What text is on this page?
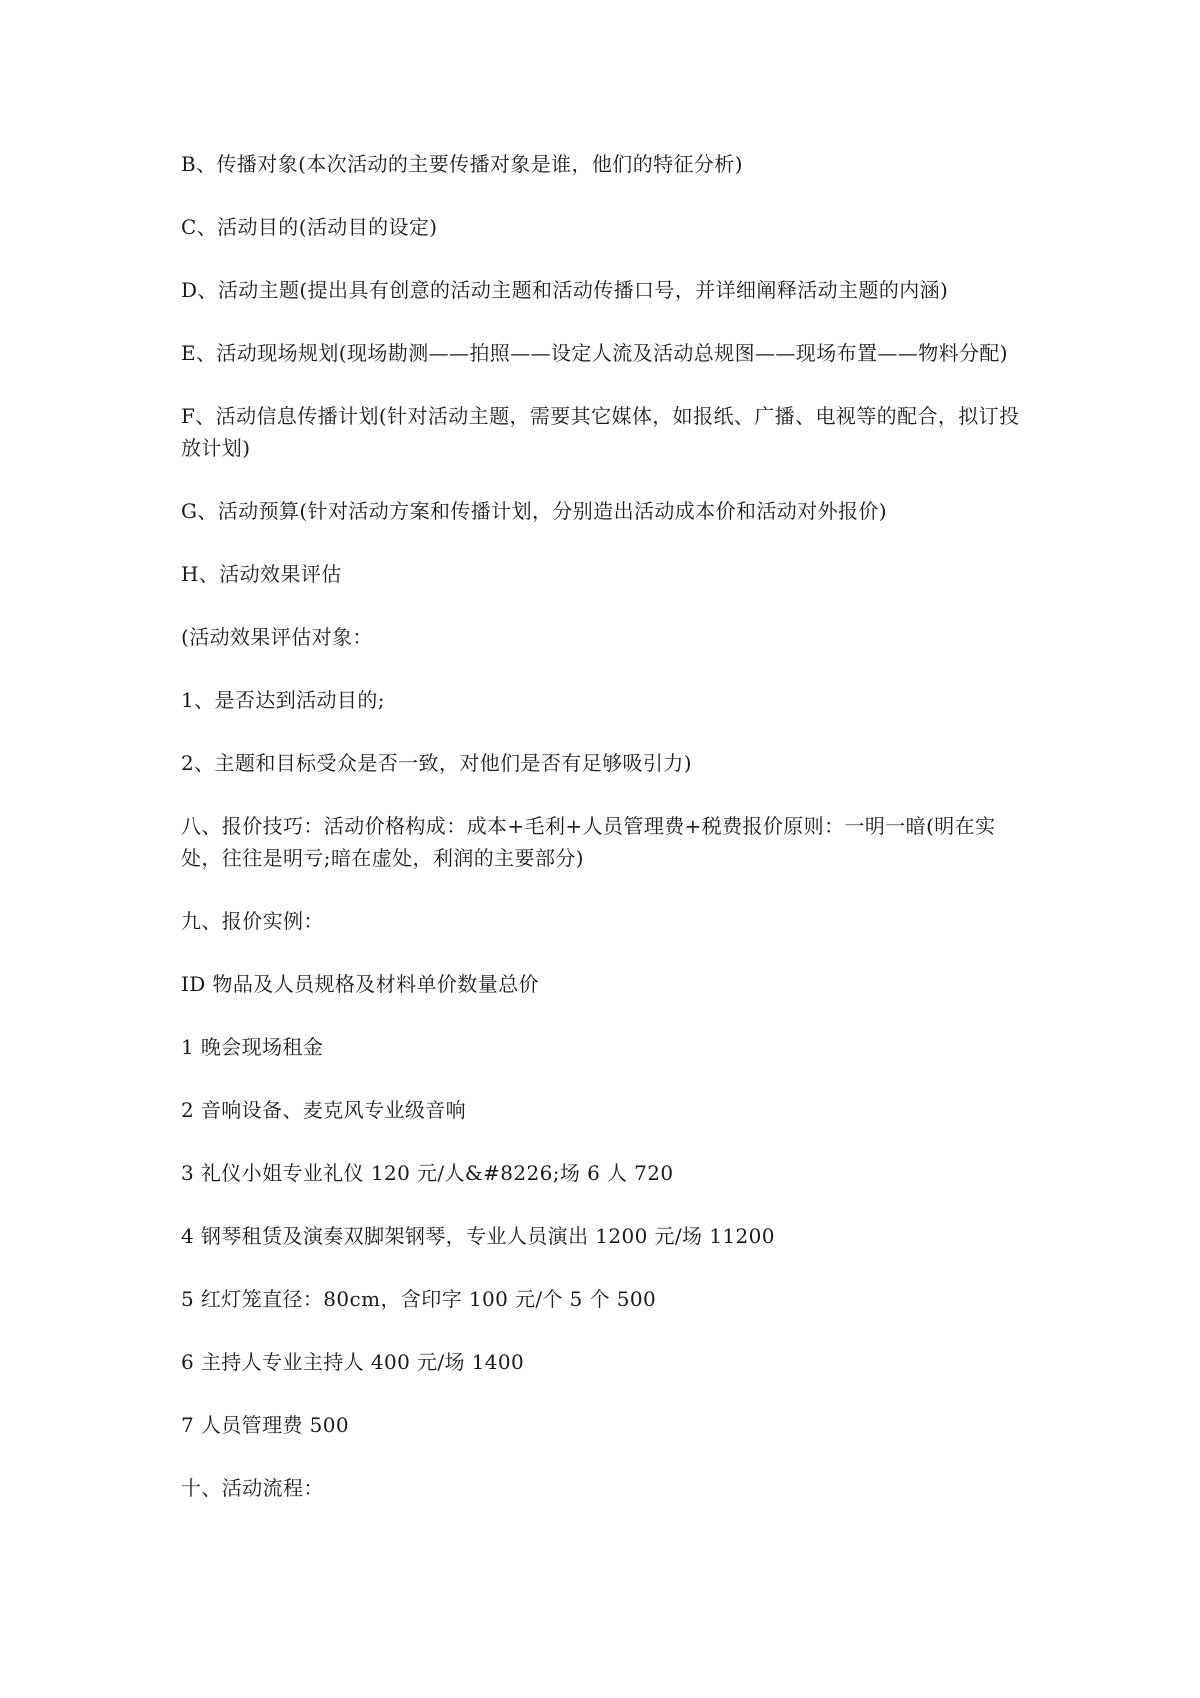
B、传播对象(本次活动的主要传播对象是谁，他们的特征分析)

C、活动目的(活动目的设定)

D、活动主题(提出具有创意的活动主题和活动传播口号，并详细阐释活动主题的内涵)

E、活动现场规划(现场勘测——拍照——设定人流及活动总规图——现场布置——物料分配)

F、活动信息传播计划(针对活动主题，需要其它媒体，如报纸、广播、电视等的配合，拟订投放计划)

G、活动预算(针对活动方案和传播计划，分别造出活动成本价和活动对外报价)

H、活动效果评估

(活动效果评估对象：

1、是否达到活动目的;

2、主题和目标受众是否一致，对他们是否有足够吸引力)

八、报价技巧：活动价格构成：成本+毛利+人员管理费+税费报价原则：一明一暗(明在实处，往往是明亏;暗在虚处，利润的主要部分)

九、报价实例：

ID 物品及人员规格及材料单价数量总价

1 晚会现场租金

2 音响设备、麦克风专业级音响

3 礼仪小姐专业礼仪 120 元/人&#8226;场 6 人 720

4 钢琴租赁及演奏双脚架钢琴，专业人员演出 1200 元/场 11200

5 红灯笼直径：80cm，含印字 100 元/个 5 个 500

6 主持人专业主持人 400 元/场 1400

7 人员管理费 500

十、活动流程：
